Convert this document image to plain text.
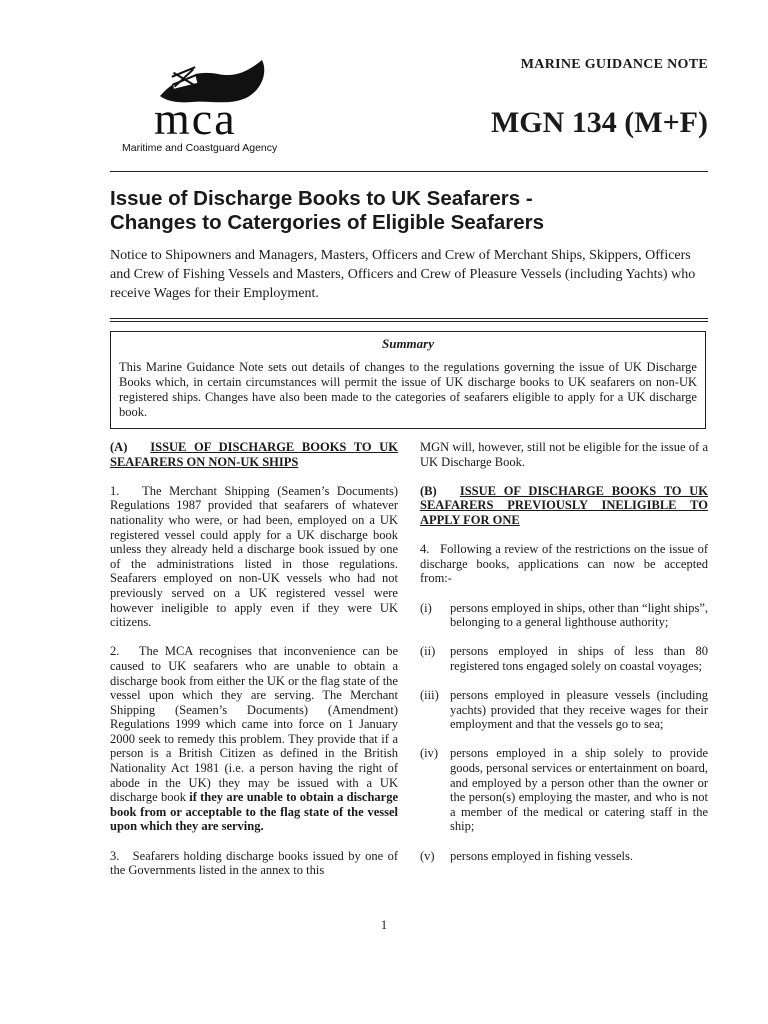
mca
Maritime and Coastguard Agency
MARINE GUIDANCE NOTE
MGN 134 (M+F)
Issue of Discharge Books to UK Seafarers -
Changes to Catergories of Eligible Seafarers
Notice to Shipowners and Managers, Masters, Officers and Crew of Merchant Ships, Skippers, Officers and Crew of Fishing Vessels and Masters, Officers and Crew of Pleasure Vessels (including Yachts) who receive Wages for their Employment.
Summary
This Marine Guidance Note sets out details of changes to the regulations governing the issue of UK Discharge Books which, in certain circumstances will permit the issue of UK discharge books to UK seafarers on non-UK registered ships. Changes have also been made to the categories of seafarers eligible to apply for a UK discharge book.

(A) ISSUE OF DISCHARGE BOOKS TO UK SEAFARERS ON NON-UK SHIPS

1.   The Merchant Shipping (Seamen’s Documents) Regulations 1987 provided that seafarers of whatever nationality who were, or had been, employed on a UK registered vessel could apply for a UK discharge book unless they already held a discharge book issued by one of the administrations listed in those regulations. Seafarers employed on non-UK vessels who had not previously served on a UK registered vessel were however ineligible to apply even if they were UK citizens.

2.   The MCA recognises that inconvenience can be caused to UK seafarers who are unable to obtain a discharge book from either the UK or the flag state of the vessel upon which they are serving. The Merchant Shipping (Seamen’s Documents) (Amendment) Regulations 1999 which came into force on 1 January 2000 seek to remedy this problem. They provide that if a person is a British Citizen as defined in the British Nationality Act 1981 (i.e. a person having the right of abode in the UK) they may be issued with a UK discharge book if they are unable to obtain a discharge book from or acceptable to the flag state of the vessel upon which they are serving.

3.   Seafarers holding discharge books issued by one of the Governments listed in the annex to this

MGN will, however, still not be eligible for the issue of a UK Discharge Book.

(B) ISSUE OF DISCHARGE BOOKS TO UK SEAFARERS PREVIOUSLY INELIGIBLE TO APPLY FOR ONE

4.   Following a review of the restrictions on the issue of discharge books, applications can now be accepted from:-

(i)	persons employed in ships, other than “light ships”, belonging to a general lighthouse authority;
(ii)	persons employed in ships of less than 80 registered tons engaged solely on coastal voyages;
(iii) persons employed in pleasure vessels (including yachts) provided that they receive wages for their employment and that the vessels go to sea;
(iv) persons employed in a ship solely to provide goods, personal services or entertainment on board, and employed by a person other than the owner or the person(s) employing the master, and who is not a member of the medical or catering staff in the ship;
(v)	persons employed in fishing vessels.
1
